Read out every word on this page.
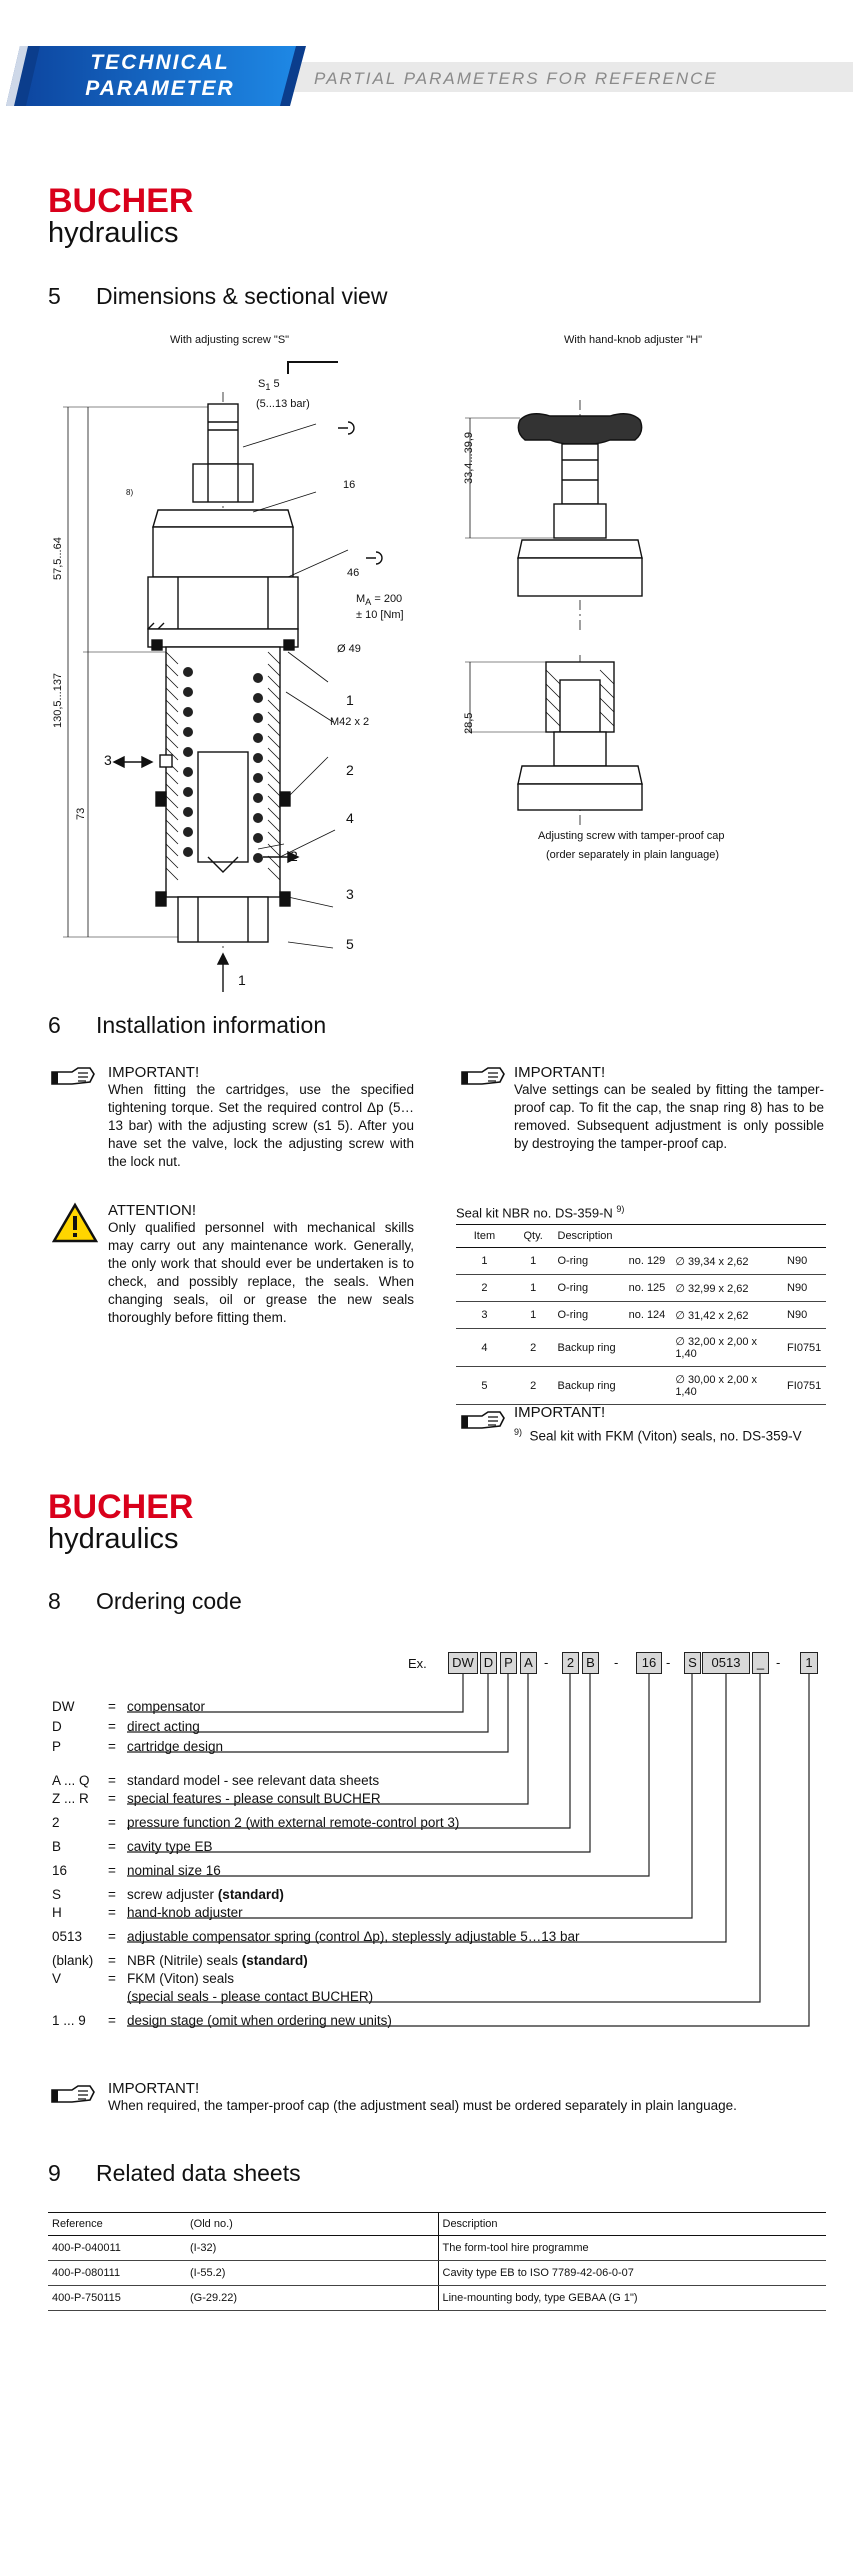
PARTIAL PARAMETERS FOR REFERENCE
TECHNICAL
PARAMETER
BUCHER
hydraulics
5 Dimensions & sectional view
With adjusting screw "S"	With hand-knob adjuster "H"
$S_1$ 5
(5...13 bar)
8)
16
46
$M_A = 200$
± 10 [Nm]
Ø 49
1
M42 x 2
2
4
2
3
5
3
1
57,5...64
130,5...137
73
33,4...39,9
28,5
Adjusting screw with tamper-proof cap
(order separately in plain language)
6 Installation information
IMPORTANT!
When fitting the cartridges, use the specified tightening torque. Set the required control Δp (5…13 bar) with the adjusting screw (s1 5). After you have set the valve, lock the adjusting screw with the lock nut.
IMPORTANT!
Valve settings can be sealed by fitting the tamper-proof cap. To fit the cap, the snap ring 8) has to be removed. Subsequent adjustment is only possible by destroying the tamper-proof cap.
ATTENTION!
Only qualified personnel with mechanical skills may carry out any maintenance work. Generally, the only work that should ever be undertaken is to check, and possibly replace, the seals. When changing seals, oil or grease the new seals thoroughly before fitting them.
Seal kit NBR no. DS-359-N $^{9)}$
Item	Qty.	Description			
1	1	O-ring	no. 129	∅ 39,34 x 2,62	N90
2	1	O-ring	no. 125	∅ 32,99 x 2,62	N90
3	1	O-ring	no. 124	∅ 31,42 x 2,62	N90
4	2	Backup ring		∅ 32,00 x 2,00 x 1,40	FI0751
5	2	Backup ring		∅ 30,00 x 2,00 x 1,40	FI0751
IMPORTANT!
$^{9)}$ Seal kit with FKM (Viton) seals, no. DS-359-V
BUCHER
hydraulics
8 Ordering code
Ex.	DW D P A	2 B	16	S	0513	_	1
-	-	-	-
DW	= compensator
D	= direct acting
P	= cartridge design
A ... Q	= standard model - see relevant data sheets
Z ... R	= special features - please consult BUCHER
2	= pressure function 2 (with external remote-control port 3)
B	= cavity type EB
16	= nominal size 16
S	= screw adjuster (standard)
H	= hand-knob adjuster
0513	= adjustable compensator spring (control Δp), steplessly adjustable 5…13 bar
(blank)	= NBR (Nitrile) seals (standard)
V	= FKM (Viton) seals
(special seals - please contact BUCHER)
1 ... 9	= design stage (omit when ordering new units)
IMPORTANT!
When required, the tamper-proof cap (the adjustment seal) must be ordered separately in plain language.
9 Related data sheets
Reference	(Old no.)	Description
400-P-040011	(I-32)	The form-tool hire programme
400-P-080111	(I-55.2)	Cavity type EB to ISO 7789-42-06-0-07
400-P-750115	(G-29.22)	Line-mounting body, type GEBAA (G 1")
